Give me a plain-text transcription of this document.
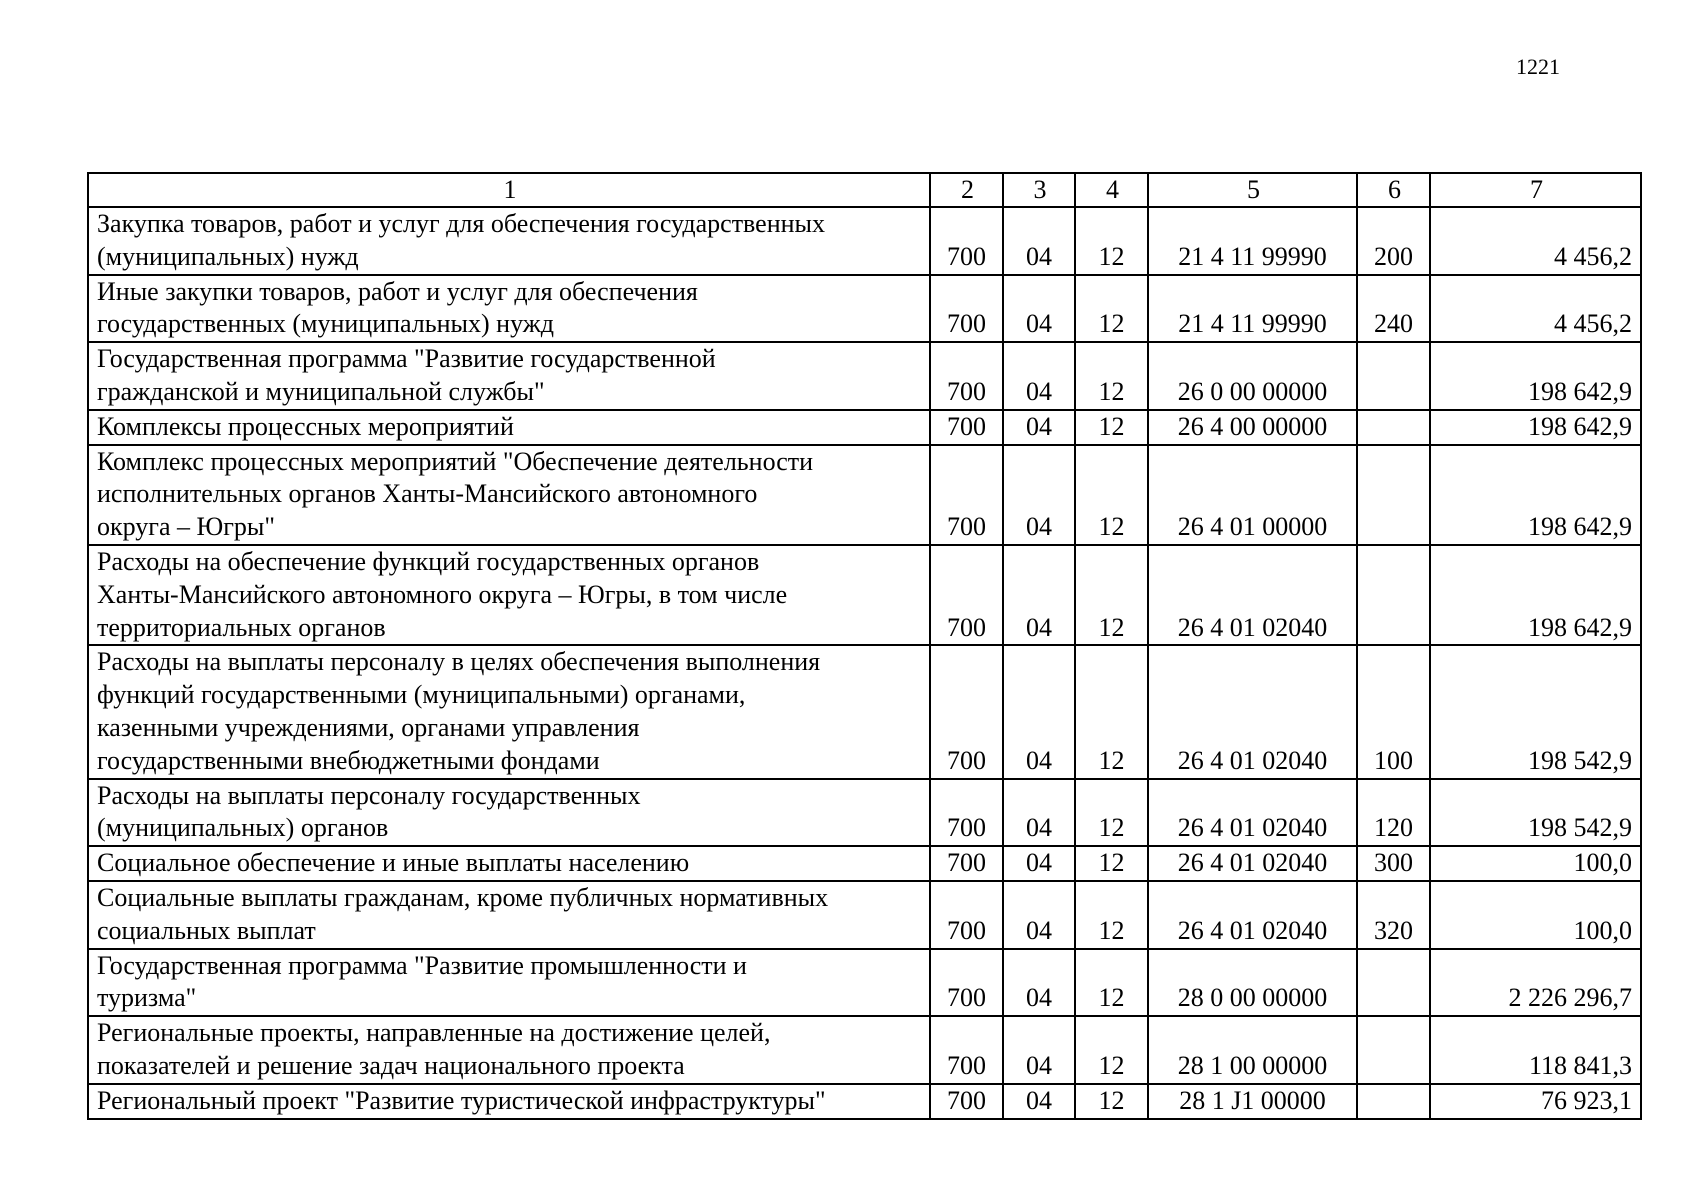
1221
1	2	3	4	5	6	7

Закупка товаров, работ и услуг для обеспечения государственных
(муниципальных) нужд	700	04	12	21 4 11 99990	200	4 456,2

Иные закупки товаров, работ и услуг для обеспечения
государственных (муниципальных) нужд	700	04	12	21 4 11 99990	240	4 456,2

Государственная программа "Развитие государственной
гражданской и муниципальной службы"	700	04	12	26 0 00 00000		198 642,9

Комплексы процессных мероприятий	700	04	12	26 4 00 00000		198 642,9

Комплекс процессных мероприятий "Обеспечение деятельности
исполнительных органов Ханты-Мансийского автономного
округа – Югры"	700	04	12	26 4 01 00000		198 642,9

Расходы на обеспечение функций государственных органов
Ханты-Мансийского автономного округа – Югры, в том числе
территориальных органов	700	04	12	26 4 01 02040		198 642,9

Расходы на выплаты персоналу в целях обеспечения выполнения
функций государственными (муниципальными) органами,
казенными учреждениями, органами управления
государственными внебюджетными фондами	700	04	12	26 4 01 02040	100	198 542,9

Расходы на выплаты персоналу государственных
(муниципальных) органов	700	04	12	26 4 01 02040	120	198 542,9

Социальное обеспечение и иные выплаты населению	700	04	12	26 4 01 02040	300	100,0

Социальные выплаты гражданам, кроме публичных нормативных
социальных выплат	700	04	12	26 4 01 02040	320	100,0

Государственная программа "Развитие промышленности и
туризма"	700	04	12	28 0 00 00000		2 226 296,7

Региональные проекты, направленные на достижение целей,
показателей и решение задач национального проекта	700	04	12	28 1 00 00000		118 841,3

Региональный проект "Развитие туристической инфраструктуры"	700	04	12	28 1 J1 00000		76 923,1
